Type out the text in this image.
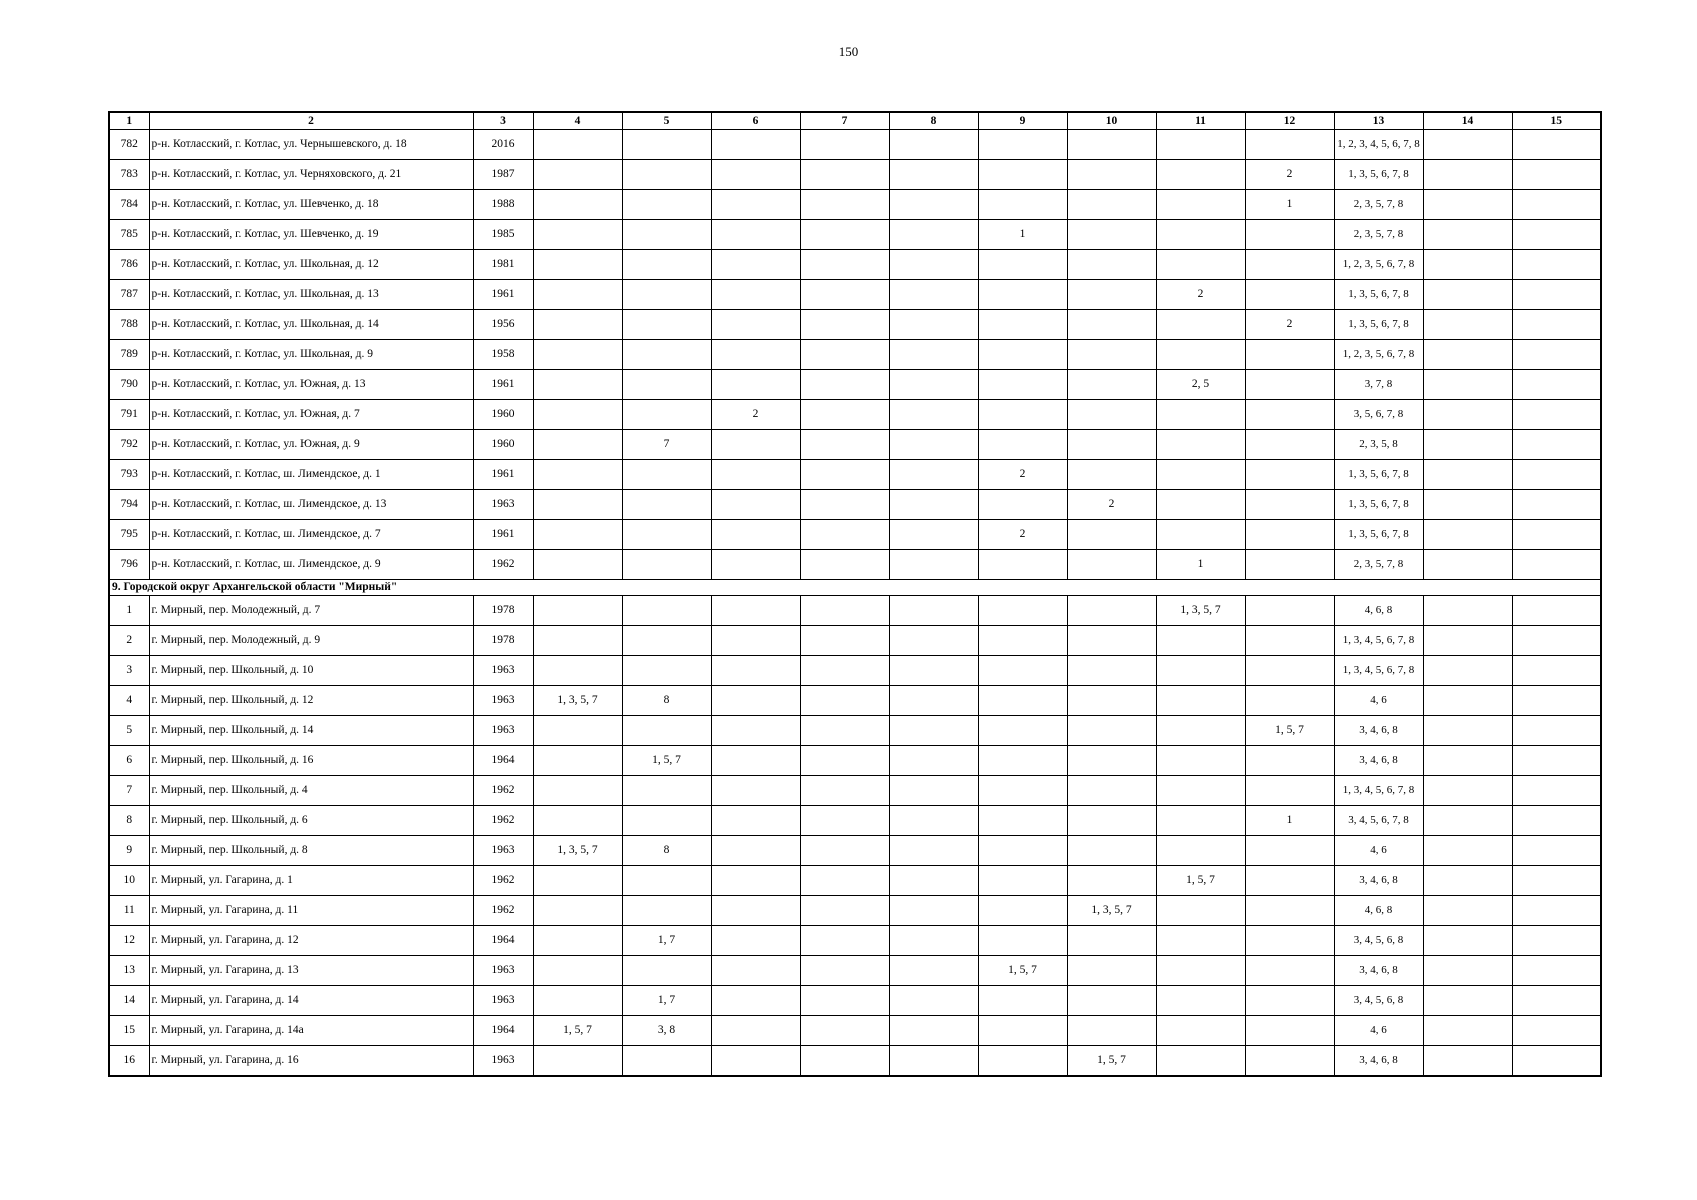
150
1	2	3	4	5	6	7	8	9	10	11	12	13	14	15
782	р-н. Котласский, г. Котлас, ул. Чернышевского, д. 18	2016										1, 2, 3, 4, 5, 6, 7, 8		
783	р-н. Котласский, г. Котлас, ул. Черняховского, д. 21	1987									2	1, 3, 5, 6, 7, 8		
784	р-н. Котласский, г. Котлас, ул. Шевченко, д. 18	1988									1	2, 3, 5, 7, 8		
785	р-н. Котласский, г. Котлас, ул. Шевченко, д. 19	1985						1				2, 3, 5, 7, 8		
786	р-н. Котласский, г. Котлас, ул. Школьная, д. 12	1981										1, 2, 3, 5, 6, 7, 8		
787	р-н. Котласский, г. Котлас, ул. Школьная, д. 13	1961								2		1, 3, 5, 6, 7, 8		
788	р-н. Котласский, г. Котлас, ул. Школьная, д. 14	1956									2	1, 3, 5, 6, 7, 8		
789	р-н. Котласский, г. Котлас, ул. Школьная, д. 9	1958										1, 2, 3, 5, 6, 7, 8		
790	р-н. Котласский, г. Котлас, ул. Южная, д. 13	1961								2, 5		3, 7, 8		
791	р-н. Котласский, г. Котлас, ул. Южная, д. 7	1960			2							3, 5, 6, 7, 8		
792	р-н. Котласский, г. Котлас, ул. Южная, д. 9	1960		7								2, 3, 5, 8		
793	р-н. Котласский, г. Котлас, ш. Лимендское, д. 1	1961						2				1, 3, 5, 6, 7, 8		
794	р-н. Котласский, г. Котлас, ш. Лимендское, д. 13	1963							2			1, 3, 5, 6, 7, 8		
795	р-н. Котласский, г. Котлас, ш. Лимендское, д. 7	1961						2				1, 3, 5, 6, 7, 8		
796	р-н. Котласский, г. Котлас, ш. Лимендское, д. 9	1962								1		2, 3, 5, 7, 8		
9. Городской округ Архангельской области "Мирный"														
1	г. Мирный, пер. Молодежный, д. 7	1978								1, 3, 5, 7		4, 6, 8		
2	г. Мирный, пер. Молодежный, д. 9	1978										1, 3, 4, 5, 6, 7, 8		
3	г. Мирный, пер. Школьный, д. 10	1963										1, 3, 4, 5, 6, 7, 8		
4	г. Мирный, пер. Школьный, д. 12	1963	1, 3, 5, 7	8								4, 6		
5	г. Мирный, пер. Школьный, д. 14	1963									1, 5, 7	3, 4, 6, 8		
6	г. Мирный, пер. Школьный, д. 16	1964		1, 5, 7								3, 4, 6, 8		
7	г. Мирный, пер. Школьный, д. 4	1962										1, 3, 4, 5, 6, 7, 8		
8	г. Мирный, пер. Школьный, д. 6	1962									1	3, 4, 5, 6, 7, 8		
9	г. Мирный, пер. Школьный, д. 8	1963	1, 3, 5, 7	8								4, 6		
10	г. Мирный, ул. Гагарина, д. 1	1962								1, 5, 7		3, 4, 6, 8		
11	г. Мирный, ул. Гагарина, д. 11	1962							1, 3, 5, 7			4, 6, 8		
12	г. Мирный, ул. Гагарина, д. 12	1964		1, 7								3, 4, 5, 6, 8		
13	г. Мирный, ул. Гагарина, д. 13	1963						1, 5, 7				3, 4, 6, 8		
14	г. Мирный, ул. Гагарина, д. 14	1963		1, 7								3, 4, 5, 6, 8		
15	г. Мирный, ул. Гагарина, д. 14а	1964	1, 5, 7	3, 8								4, 6		
16	г. Мирный, ул. Гагарина, д. 16	1963							1, 5, 7			3, 4, 6, 8		
